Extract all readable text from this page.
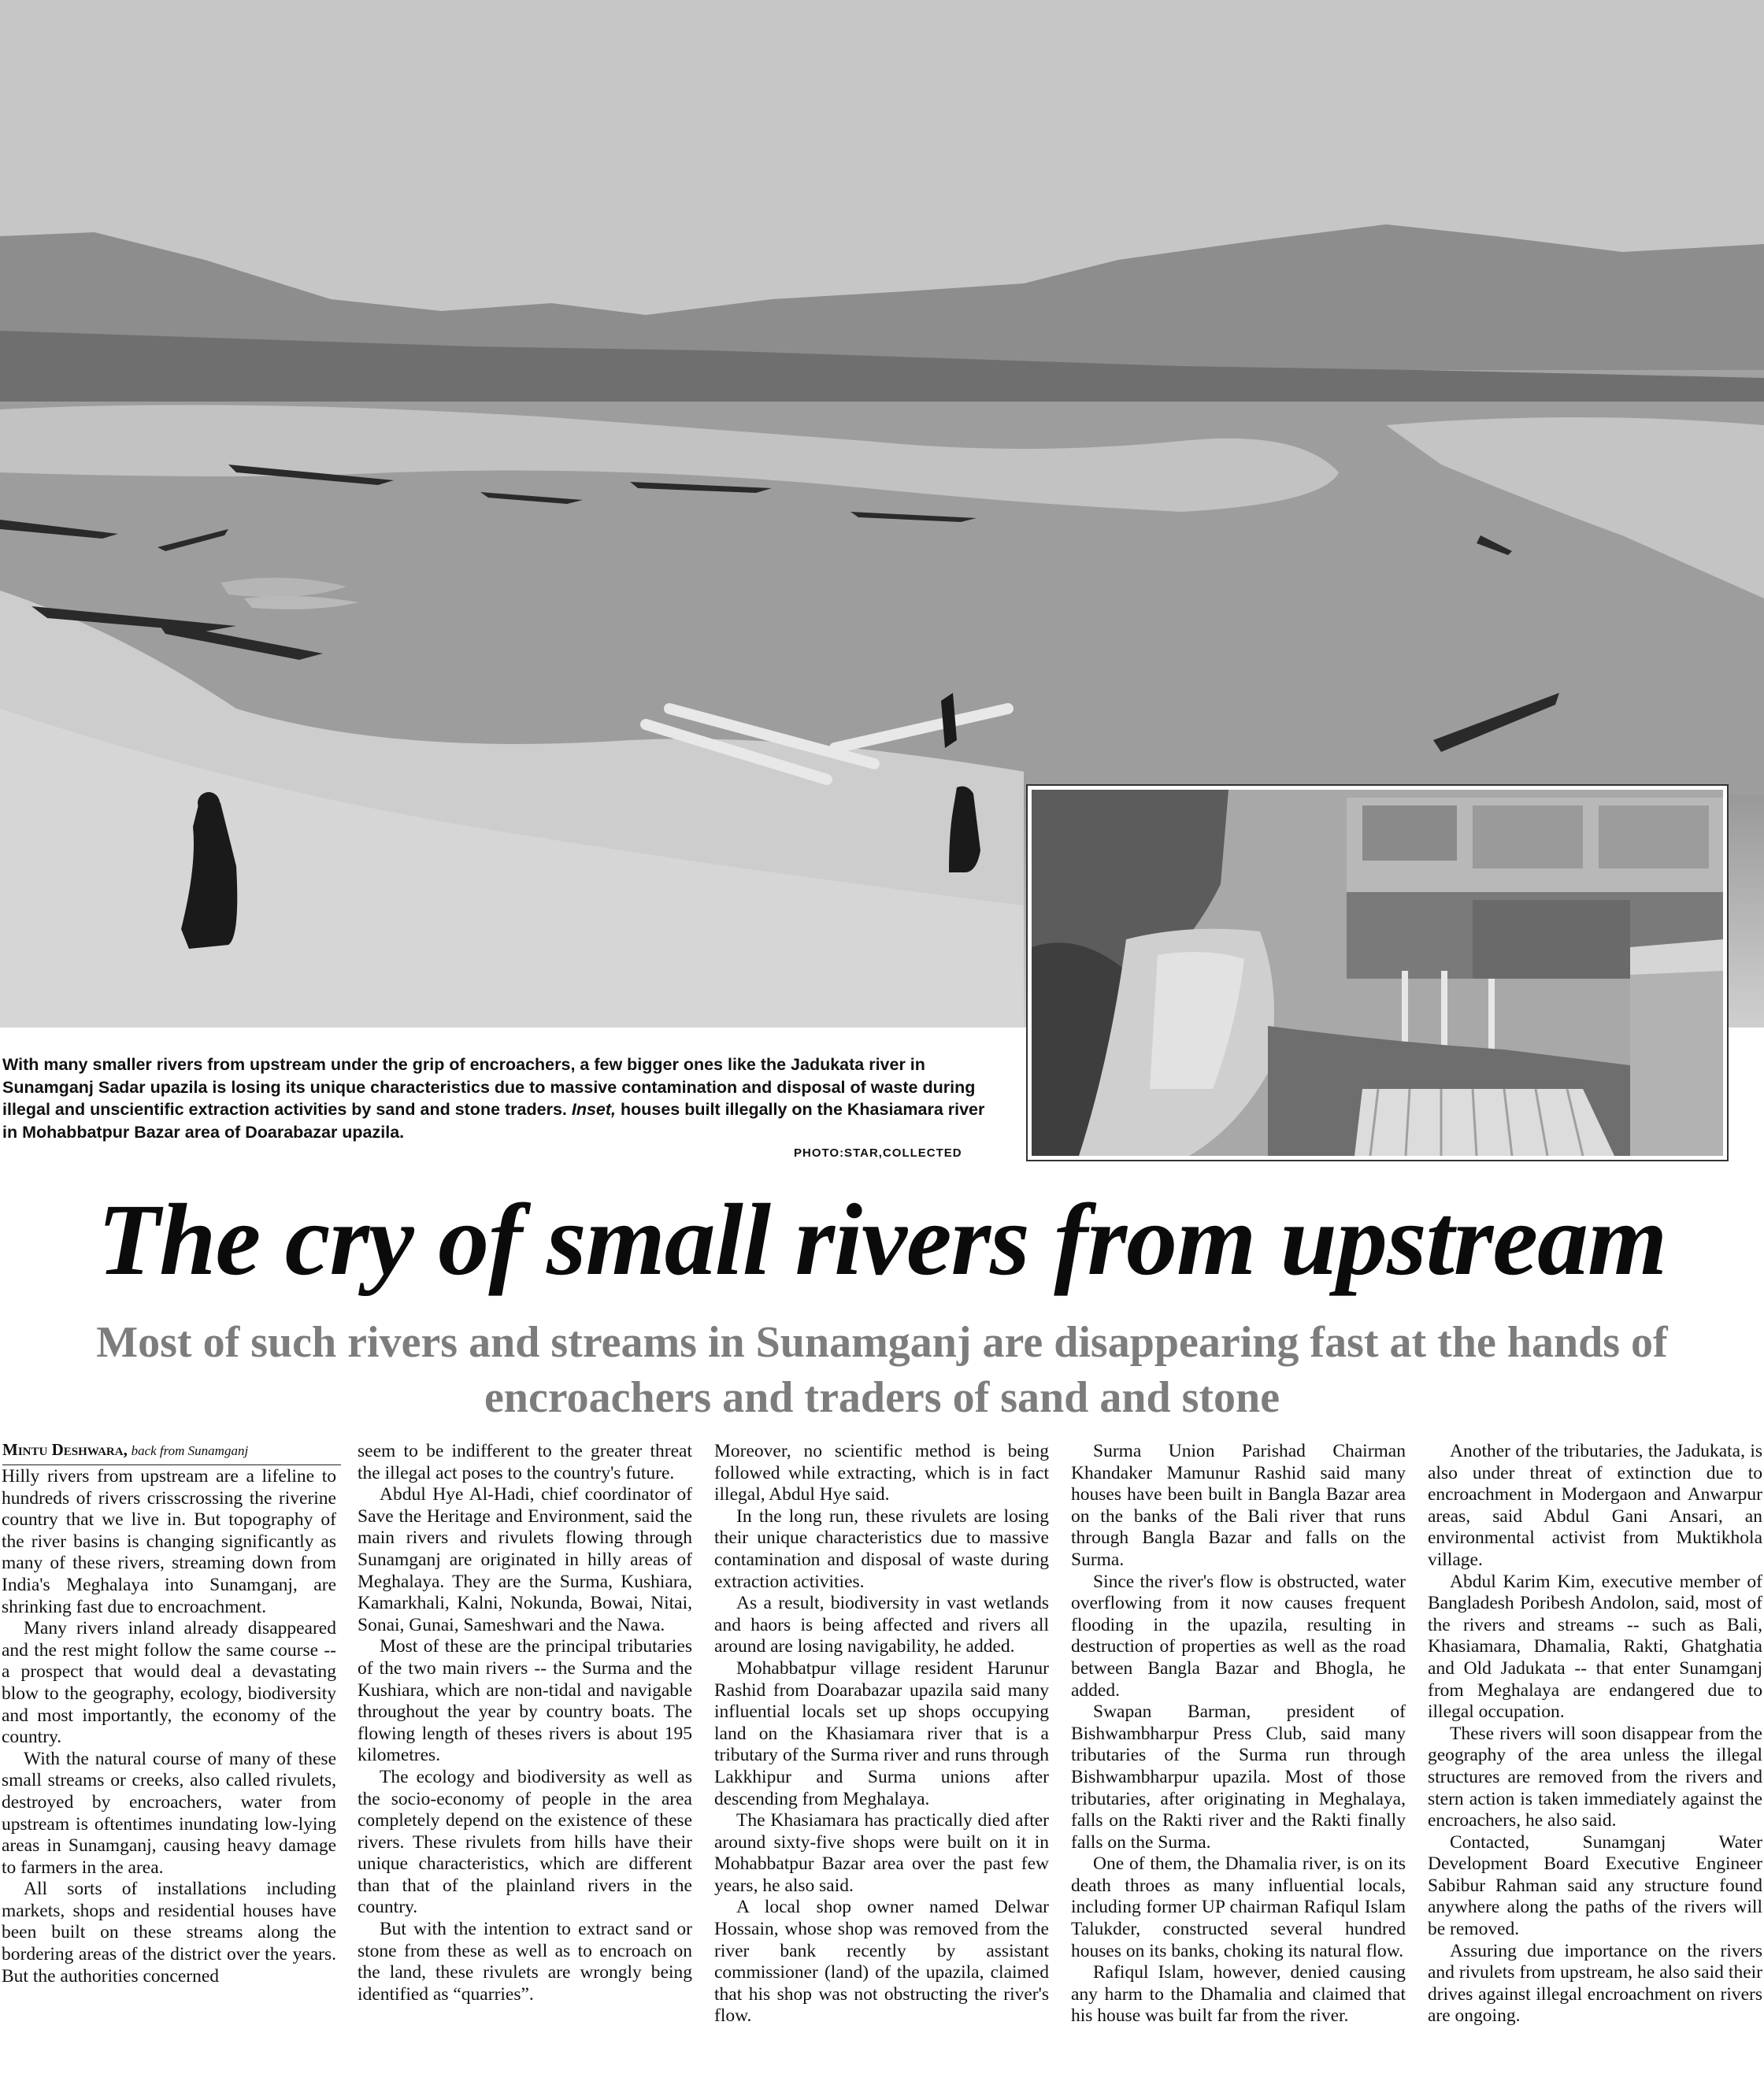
With many smaller rivers from upstream under the grip of encroachers, a few bigger ones like the Jadukata river in Sunamganj Sadar upazila is losing its unique characteristics due to massive contamination and disposal of waste during illegal and unscientific extraction activities by sand and stone traders. Inset, houses built illegally on the Khasiamara river in Mohabbatpur Bazar area of Doarabazar upazila.
PHOTO:STAR,COLLECTED
The cry of small rivers from upstream
Most of such rivers and streams in Sunamganj are disappearing fast at the hands of encroachers and traders of sand and stone
Mintu Deshwara, back from Sunamganj

Hilly rivers from upstream are a lifeline to hundreds of rivers crisscrossing the riverine country that we live in. But topography of the river basins is changing significantly as many of these rivers, streaming down from India's Meghalaya into Sunamganj, are shrinking fast due to encroachment.

Many rivers inland already disappeared and the rest might follow the same course -- a prospect that would deal a devastating blow to the geography, ecology, biodiversity and most importantly, the economy of the country.

With the natural course of many of these small streams or creeks, also called rivulets, destroyed by encroachers, water from upstream is oftentimes inundating low-lying areas in Sunamganj, causing heavy damage to farmers in the area.

All sorts of installations including markets, shops and residential houses have been built on these streams along the bordering areas of the district over the years. But the authorities concerned

seem to be indifferent to the greater threat the illegal act poses to the country's future.

Abdul Hye Al-Hadi, chief coordinator of Save the Heritage and Environment, said the main rivers and rivulets flowing through Sunamganj are originated in hilly areas of Meghalaya. They are the Surma, Kushiara, Kamarkhali, Kalni, Nokunda, Bowai, Nitai, Sonai, Gunai, Sameshwari and the Nawa.

Most of these are the principal tributaries of the two main rivers -- the Surma and the Kushiara, which are non-tidal and navigable throughout the year by country boats. The flowing length of theses rivers is about 195 kilometres.

The ecology and biodiversity as well as the socio-economy of people in the area completely depend on the existence of these rivers. These rivulets from hills have their unique characteristics, which are different than that of the plainland rivers in the country.

But with the intention to extract sand or stone from these as well as to encroach on the land, these rivulets are wrongly being identified as “quarries”.

Moreover, no scientific method is being followed while extracting, which is in fact illegal, Abdul Hye said.

In the long run, these rivulets are losing their unique characteristics due to massive contamination and disposal of waste during extraction activities.

As a result, biodiversity in vast wetlands and haors is being affected and rivers all around are losing navigability, he added.

Mohabbatpur village resident Harunur Rashid from Doarabazar upazila said many influential locals set up shops occupying land on the Khasiamara river that is a tributary of the Surma river and runs through Lakkhipur and Surma unions after descending from Meghalaya.

The Khasiamara has practically died after around sixty-five shops were built on it in Mohabbatpur Bazar area over the past few years, he also said.

A local shop owner named Delwar Hossain, whose shop was removed from the river bank recently by assistant commissioner (land) of the upazila, claimed that his shop was not obstructing the river's flow.

Surma Union Parishad Chairman Khandaker Mamunur Rashid said many houses have been built in Bangla Bazar area on the banks of the Bali river that runs through Bangla Bazar and falls on the Surma.

Since the river's flow is obstructed, water overflowing from it now causes frequent flooding in the upazila, resulting in destruction of properties as well as the road between Bangla Bazar and Bhogla, he added.

Swapan Barman, president of Bishwambharpur Press Club, said many tributaries of the Surma run through Bishwambharpur upazila. Most of those tributaries, after originating in Meghalaya, falls on the Rakti river and the Rakti finally falls on the Surma.

One of them, the Dhamalia river, is on its death throes as many influential locals, including former UP chairman Rafiqul Islam Talukder, constructed several hundred houses on its banks, choking its natural flow.

Rafiqul Islam, however, denied causing any harm to the Dhamalia and claimed that his house was built far from the river.

Another of the tributaries, the Jadukata, is also under threat of extinction due to encroachment in Modergaon and Anwarpur areas, said Abdul Gani Ansari, an environmental activist from Muktikhola village.

Abdul Karim Kim, executive member of Bangladesh Poribesh Andolon, said, most of the rivers and streams -- such as Bali, Khasiamara, Dhamalia, Rakti, Ghatghatia and Old Jadukata -- that enter Sunamganj from Meghalaya are endangered due to illegal occupation.

These rivers will soon disappear from the geography of the area unless the illegal structures are removed from the rivers and stern action is taken immediately against the encroachers, he also said.

Contacted, Sunamganj Water Development Board Executive Engineer Sabibur Rahman said any structure found anywhere along the paths of the rivers will be removed.

Assuring due importance on the rivers and rivulets from upstream, he also said their drives against illegal encroachment on rivers are ongoing.
